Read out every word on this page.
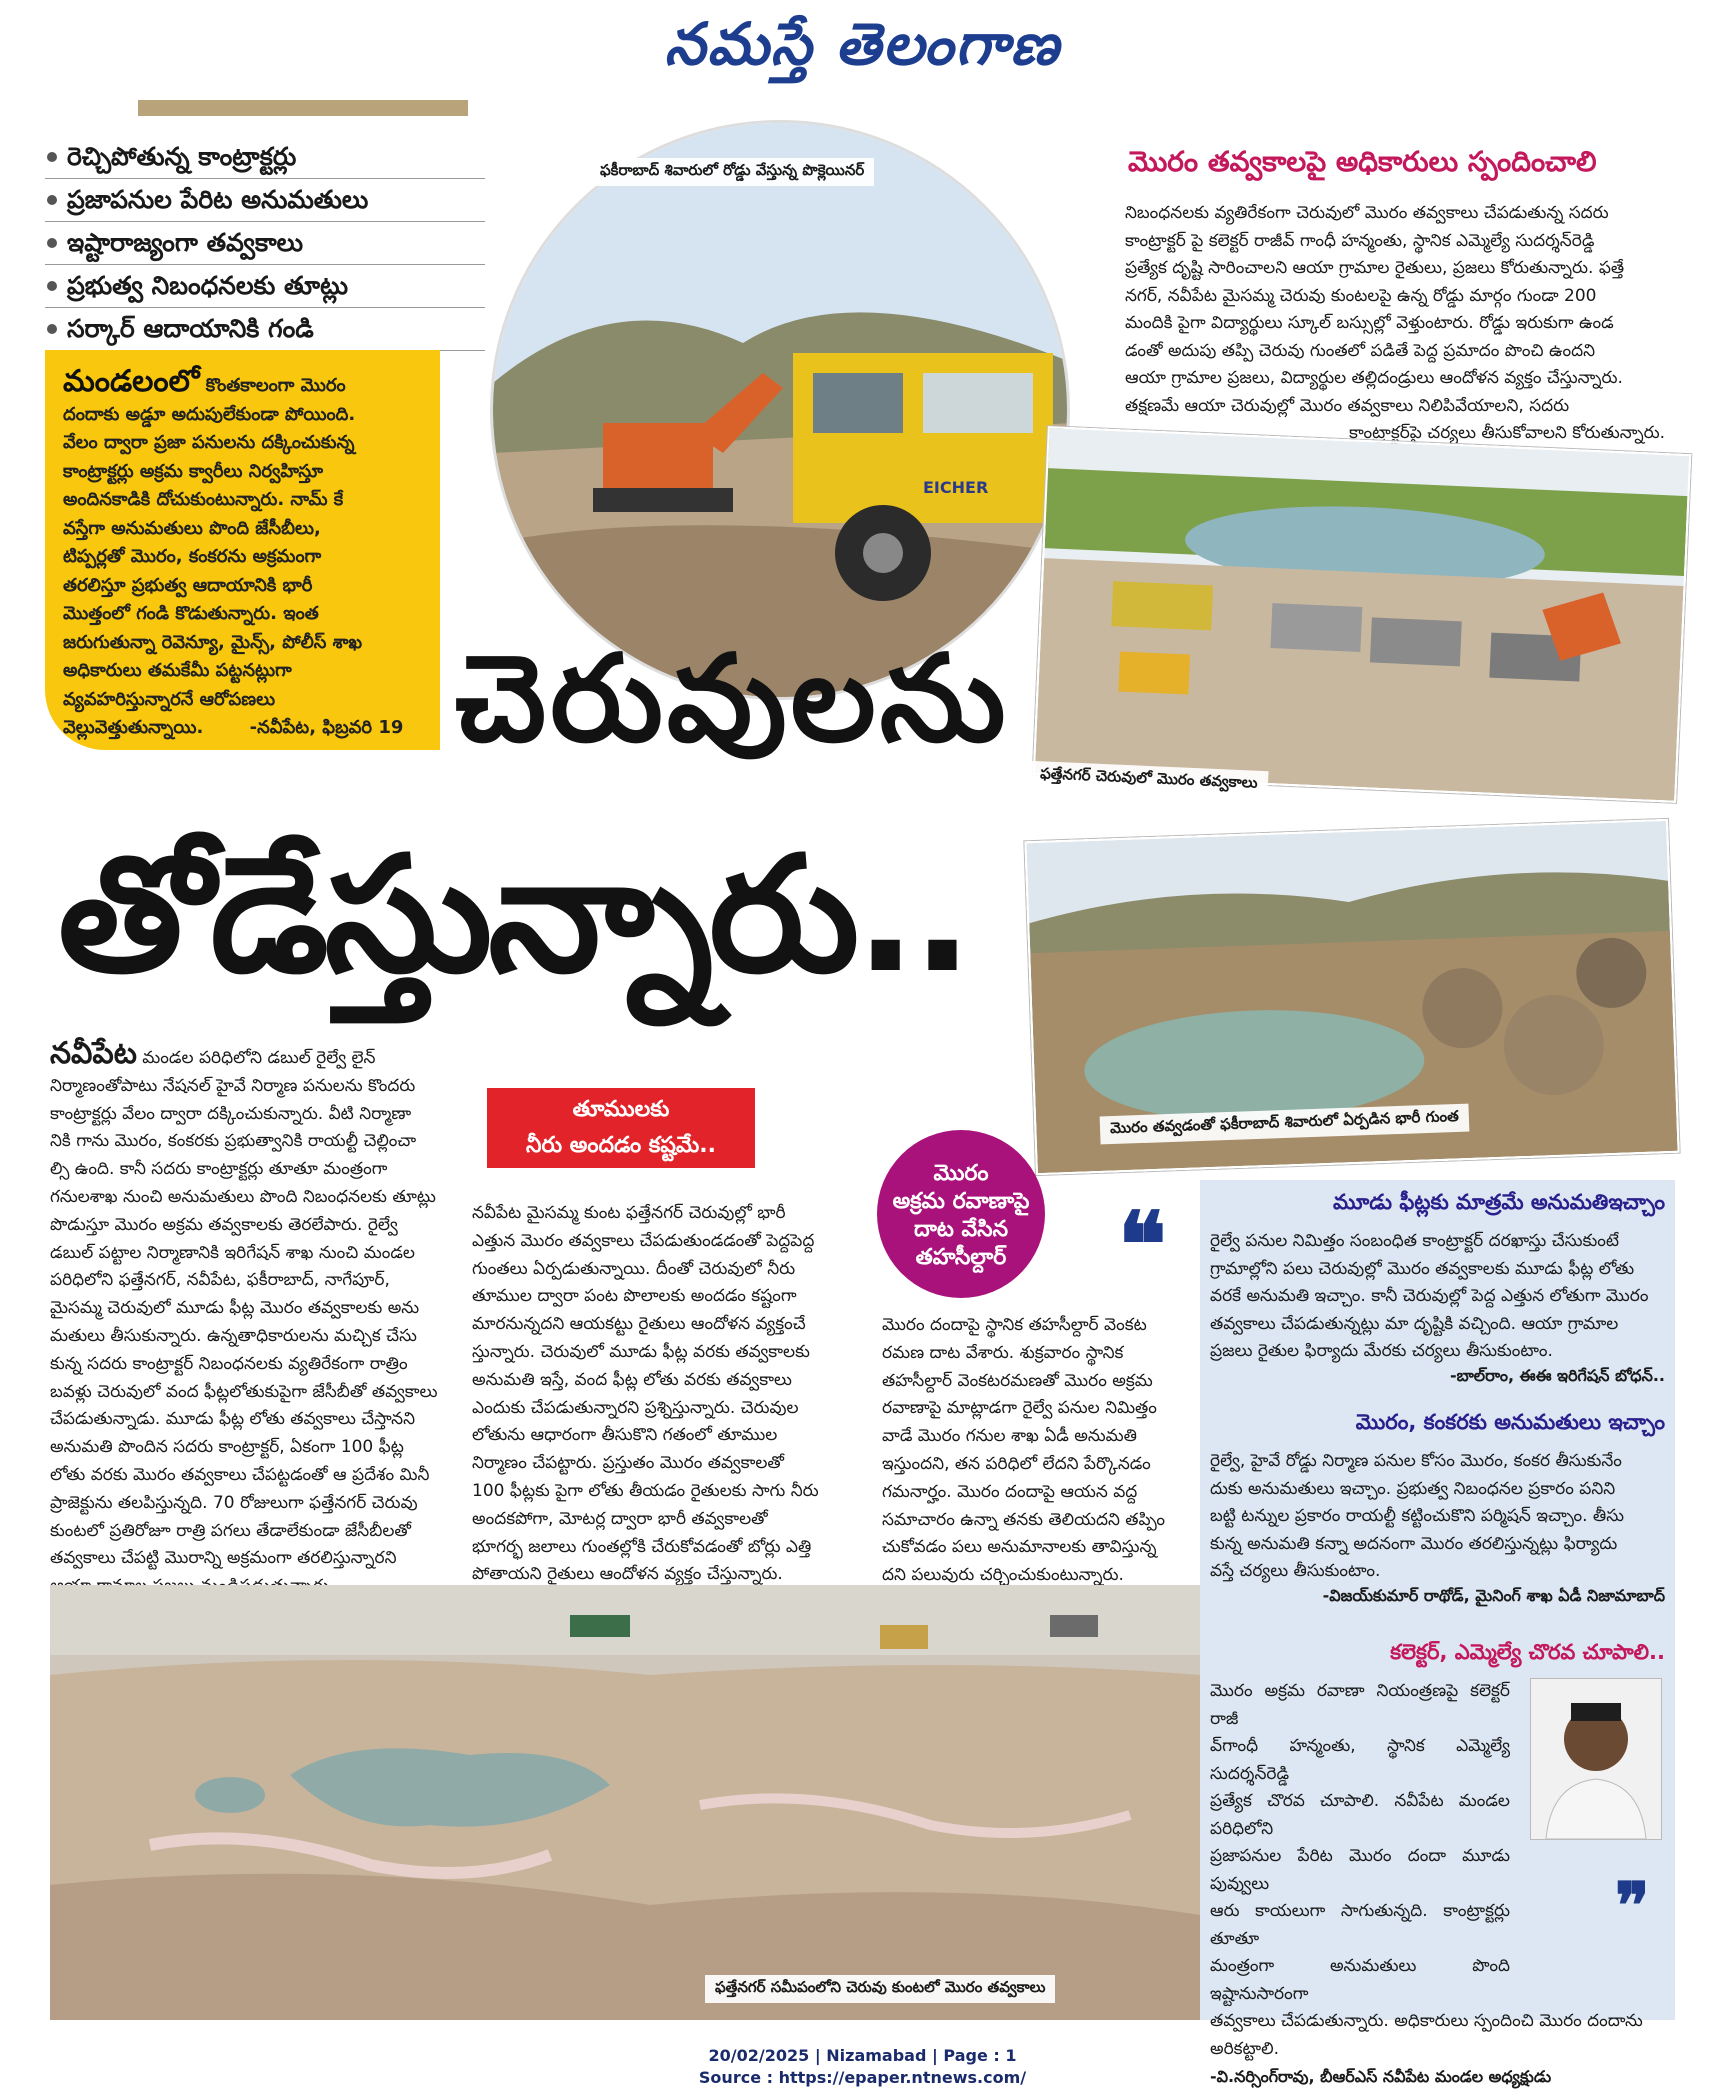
నమస్తే తెలంగాణ
రెచ్చిపోతున్న కాంట్రాక్టర్లు
ప్రజాపనుల పేరిట అనుమతులు
ఇష్టారాజ్యంగా తవ్వకాలు
ప్రభుత్వ నిబంధనలకు తూట్లు
సర్కార్ ఆదాయానికి గండి

మండలంలో కొంతకాలంగా మొరం
దందాకు అడ్డూ అదుపులేకుండా పోయింది.
వేలం ద్వారా ప్రజా పనులను దక్కించుకున్న
కాంట్రాక్టర్లు అక్రమ క్వారీలు నిర్వహిస్తూ
అందినకాడికి దోచుకుంటున్నారు. నామ్ కే
వస్తేగా అనుమతులు పొంది జేసీబీలు,
టిప్పర్లతో మొరం, కంకరను అక్రమంగా
తరలిస్తూ ప్రభుత్వ ఆదాయానికి భారీ
మొత్తంలో గండి కొడుతున్నారు. ఇంత
జరుగుతున్నా రెవెన్యూ, మైన్స్, పోలీస్ శాఖ
అధికారులు తమకేమీ పట్టనట్లుగా
వ్యవహరిస్తున్నారనే ఆరోపణలు
వెల్లువెత్తుతున్నాయి.	-నవీపేట, ఫిబ్రవరి 19

EICHER
ఫకీరాబాద్ శివారులో రోడ్డు వేస్తున్న పొక్లెయినర్	మొరం తవ్వకాలపై అధికారులు స్పందించాలి

నిబంధనలకు వ్యతిరేకంగా చెరువులో మొరం తవ్వకాలు చేపడుతున్న సదరు
కాంట్రాక్టర్ పై కలెక్టర్ రాజీవ్ గాంధీ హన్మంతు, స్థానిక ఎమ్మెల్యే సుదర్శన్‌రెడ్డి
ప్రత్యేక దృష్టి సారించాలని ఆయా గ్రామాల రైతులు, ప్రజలు కోరుతున్నారు. ఫత్తే
నగర్, నవీపేట మైసమ్మ చెరువు కుంటలపై ఉన్న రోడ్డు మార్గం గుండా 200
మందికి పైగా విద్యార్థులు స్కూల్ బస్సుల్లో వెళ్తుంటారు. రోడ్డు ఇరుకుగా ఉండ
డంతో అదుపు తప్పి చెరువు గుంతలో పడితే పెద్ద ప్రమాదం పొంచి ఉందని
ఆయా గ్రామాల ప్రజలు, విద్యార్థుల తల్లిదండ్రులు ఆందోళన వ్యక్తం చేస్తున్నారు.
తక్షణమే ఆయా చెరువుల్లో మొరం తవ్వకాలు నిలిపివేయాలని, సదరు

కాంట్రాక్టర్‌పై చర్యలు తీసుకోవాలని కోరుతున్నారు.

ఫత్తేనగర్ చెరువులో మొరం తవ్వకాలు
మొరం తవ్వడంతో ఫకీరాబాద్ శివారులో ఏర్పడిన భారీ గుంత
చెరువులను
తోడేస్తున్నారు..

నవీపేట మండల పరిధిలోని డబుల్ రైల్వే లైన్
నిర్మాణంతోపాటు నేషనల్ హైవే నిర్మాణ పనులను కొందరు
కాంట్రాక్టర్లు వేలం ద్వారా దక్కించుకున్నారు. వీటి నిర్మాణా
నికి గాను మొరం, కంకరకు ప్రభుత్వానికి రాయల్టీ చెల్లించా
ల్సి ఉంది. కానీ సదరు కాంట్రాక్టర్లు తూతూ మంత్రంగా
గనులశాఖ నుంచి అనుమతులు పొంది నిబంధనలకు తూట్లు
పొడుస్తూ మొరం అక్రమ తవ్వకాలకు తెరలేపారు. రైల్వే
డబుల్ పట్టాల నిర్మాణానికి ఇరిగేషన్ శాఖ నుంచి మండల
పరిధిలోని ఫత్తేనగర్, నవీపేట, ఫకీరాబాద్, నాగేపూర్,
మైసమ్మ చెరువులో మూడు ఫీట్ల మొరం తవ్వకాలకు అను
మతులు తీసుకున్నారు. ఉన్నతాధికారులను మచ్చిక చేసు
కున్న సదరు కాంట్రాక్టర్ నిబంధనలకు వ్యతిరేకంగా రాత్రిం
బవళ్లు చెరువులో వంద ఫీట్లలోతుకుపైగా జేసీబీతో తవ్వకాలు
చేపడుతున్నాడు. మూడు ఫీట్ల లోతు తవ్వకాలు చేస్తానని
అనుమతి పొందిన సదరు కాంట్రాక్టర్, ఏకంగా 100 ఫీట్ల
లోతు వరకు మొరం తవ్వకాలు చేపట్టడంతో ఆ ప్రదేశం మినీ
ప్రాజెక్టును తలపిస్తున్నది. 70 రోజులుగా ఫత్తేనగర్ చెరువు
కుంటలో ప్రతిరోజూ రాత్రి పగలు తేడాలేకుండా జేసీబీలతో
తవ్వకాలు చేపట్టి మొరాన్ని అక్రమంగా తరలిస్తున్నారని

తూములకు
నీరు అందడం కష్టమే..

నవీపేట మైసమ్మ కుంట ఫత్తేనగర్ చెరువుల్లో భారీ
ఎత్తున మొరం తవ్వకాలు చేపడుతుండడంతో పెద్దపెద్ద
గుంతలు ఏర్పడుతున్నాయి. దీంతో చెరువులో నీరు
తూముల ద్వారా పంట పొలాలకు అందడం కష్టంగా
మారనున్నదని ఆయకట్టు రైతులు ఆందోళన వ్యక్తంచే
స్తున్నారు. చెరువులో మూడు ఫీట్ల వరకు తవ్వకాలకు
అనుమతి ఇస్తే, వంద ఫీట్ల లోతు వరకు తవ్వకాలు
ఎందుకు చేపడుతున్నారని ప్రశ్నిస్తున్నారు. చెరువుల
లోతును ఆధారంగా తీసుకొని గతంలో తూముల
నిర్మాణం చేపట్టారు. ప్రస్తుతం మొరం తవ్వకాలతో
100 ఫీట్లకు పైగా లోతు తీయడం రైతులకు సాగు నీరు
అందకపోగా, మోటర్ల ద్వారా భారీ తవ్వకాలతో
భూగర్భ జలాలు గుంతల్లోకి చేరుకోవడంతో బోర్లు ఎత్తి
పోతాయని రైతులు ఆందోళన వ్యక్తం చేస్తున్నారు.

మొరం
అక్రమ రవాణాపై
దాట వేసిన
తహసీల్దార్

మొరం దందాపై స్థానిక తహసీల్దార్ వెంకట
రమణ దాట వేశారు. శుక్రవారం స్థానిక
తహసీల్దార్ వెంకటరమణతో మొరం అక్రమ
రవాణాపై మాట్లాడగా రైల్వే పనుల నిమిత్తం
వాడే మొరం గనుల శాఖ ఏడీ అనుమతి
ఇస్తుందని, తన పరిధిలో లేదని పేర్కొనడం
గమనార్హం. మొరం దందాపై ఆయన వద్ద
సమాచారం ఉన్నా తనకు తెలియదని తప్పిం
చుకోవడం పలు అనుమానాలకు తావిస్తున్న
దని పలువురు చర్చించుకుంటున్నారు.

❝	మూడు ఫీట్లకు మాత్రమే అనుమతిఇచ్చాం

రైల్వే పనుల నిమిత్తం సంబంధిత కాంట్రాక్టర్ దరఖాస్తు చేసుకుంటే
గ్రామాల్లోని పలు చెరువుల్లో మొరం తవ్వకాలకు మూడు ఫీట్ల లోతు
వరకే అనుమతి ఇచ్చాం. కానీ చెరువుల్లో పెద్ద ఎత్తున లోతుగా మొరం
తవ్వకాలు చేపడుతున్నట్లు మా దృష్టికి వచ్చింది. ఆయా గ్రామాల
ప్రజలు రైతుల ఫిర్యాదు మేరకు చర్యలు తీసుకుంటాం.

-బాల్‌రాం, ఈఈ ఇరిగేషన్ బోధన్..
మొరం, కంకరకు అనుమతులు ఇచ్చాం

రైల్వే, హైవే రోడ్డు నిర్మాణ పనుల కోసం మొరం, కంకర తీసుకునేం
దుకు అనుమతులు ఇచ్చాం. ప్రభుత్వ నిబంధనల ప్రకారం పనిని
బట్టి టన్నుల ప్రకారం రాయల్టీ కట్టించుకొని పర్మిషన్ ఇచ్చాం. తీసు
కున్న అనుమతి కన్నా అదనంగా మొరం తరలిస్తున్నట్లు ఫిర్యాదు
వస్తే చర్యలు తీసుకుంటాం.

-విజయ్‌కుమార్ రాథోడ్, మైనింగ్ శాఖ ఏడీ నిజామాబాద్
కలెక్టర్, ఎమ్మెల్యే చొరవ చూపాలి..

మొరం అక్రమ రవాణా నియంత్రణపై కలెక్టర్ రాజీ
వ్‌గాంధీ హన్మంతు, స్థానిక ఎమ్మెల్యే సుదర్శన్‌రెడ్డి
ప్రత్యేక చొరవ చూపాలి. నవీపేట మండల పరిధిలోని
ప్రజాపనుల పేరిట మొరం దందా మూడు పువ్వులు
ఆరు కాయలుగా సాగుతున్నది. కాంట్రాక్టర్లు తూతూ
మంత్రంగా అనుమతులు పొంది ఇష్టానుసారంగా

తవ్వకాలు చేపడుతున్నారు. అధికారులు స్పందించి మొరం దందాను
అరికట్టాలి.

-వి.నర్సింగ్‌రావు, బీఆర్ఎస్ నవీపేట మండల అధ్యక్షుడు
❞
ఫత్తేనగర్ సమీపంలోని చెరువు కుంటలో మొరం తవ్వకాలు
20/02/2025 | Nizamabad | Page : 1
Source : https://epaper.ntnews.com/
